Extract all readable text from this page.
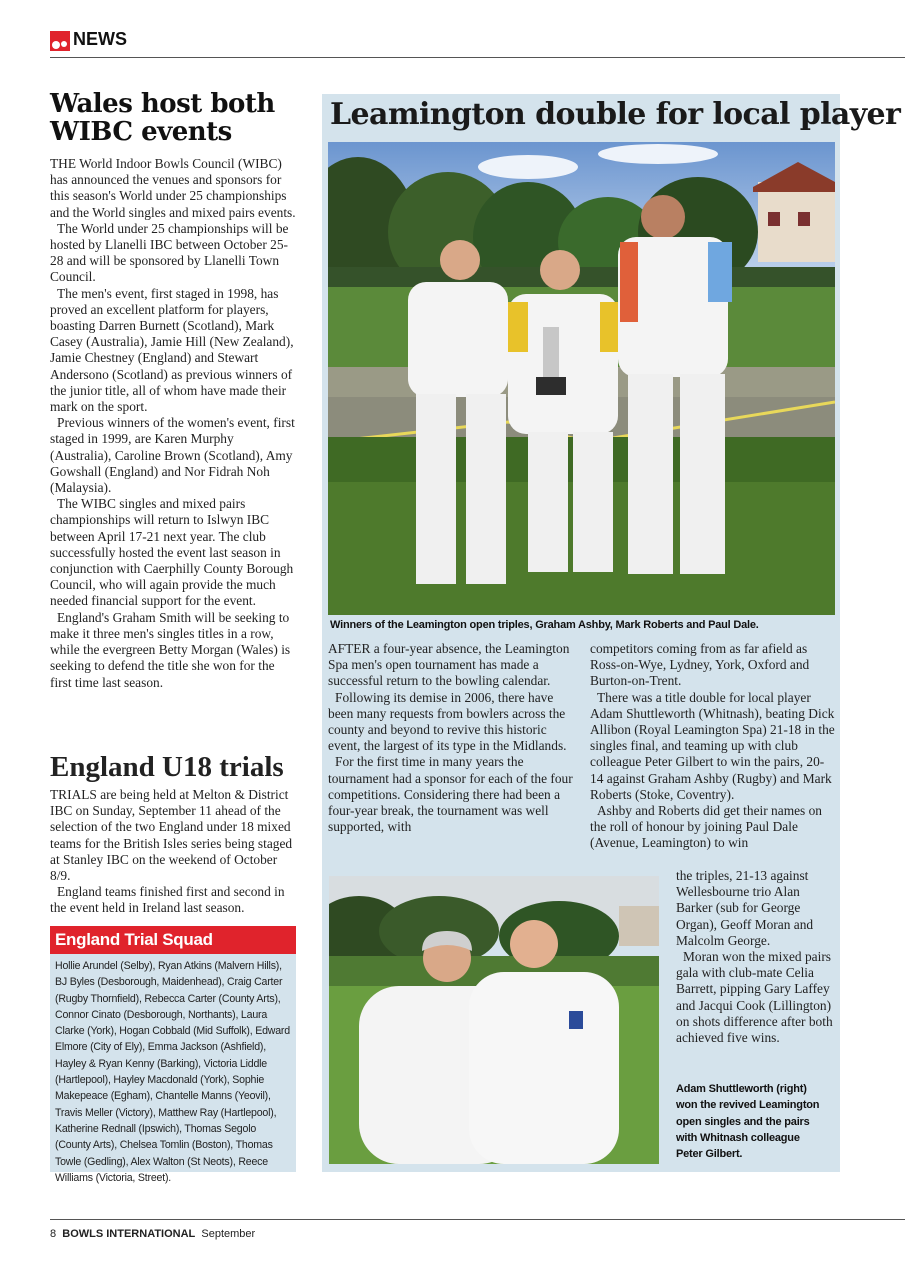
NEWS
Wales host both WIBC events

THE World Indoor Bowls Council (WIBC) has announced the venues and sponsors for this season's World under 25 championships and the World singles and mixed pairs events.

The World under 25 championships will be hosted by Llanelli IBC between October 25-28 and will be sponsored by Llanelli Town Council.

The men's event, first staged in 1998, has proved an excellent platform for players, boasting Darren Burnett (Scotland), Mark Casey (Australia), Jamie Hill (New Zealand), Jamie Chestney (England) and Stewart Andersono (Scotland) as previous winners of the junior title, all of whom have made their mark on the sport.

Previous winners of the women's event, first staged in 1999, are Karen Murphy (Australia), Caroline Brown (Scotland), Amy Gowshall (England) and Nor Fidrah Noh (Malaysia).

The WIBC singles and mixed pairs championships will return to Islwyn IBC between April 17-21 next year. The club successfully hosted the event last season in conjunction with Caerphilly County Borough Council, who will again provide the much needed financial support for the event.

England's Graham Smith will be seeking to make it three men's singles titles in a row, while the evergreen Betty Morgan (Wales) is seeking to defend the title she won for the first time last season.

England U18 trials

TRIALS are being held at Melton & District IBC on Sunday, September 11 ahead of the selection of the two England under 18 mixed teams for the British Isles series being staged at Stanley IBC on the weekend of October 8/9.

England teams finished first and second in the event held in Ireland last season.

England Trial Squad
Hollie Arundel (Selby), Ryan Atkins (Malvern Hills), BJ Byles (Desborough, Maidenhead), Craig Carter (Rugby Thornfield), Rebecca Carter (County Arts), Connor Cinato (Desborough, Northants), Laura Clarke (York), Hogan Cobbald (Mid Suffolk), Edward Elmore (City of Ely), Emma Jackson (Ashfield), Hayley & Ryan Kenny (Barking), Victoria Liddle (Hartlepool), Hayley Macdonald (York), Sophie Makepeace (Egham), Chantelle Manns (Yeovil), Travis Meller (Victory), Matthew Ray (Hartlepool), Katherine Rednall (Ipswich), Thomas Segolo (County Arts), Chelsea Tomlin (Boston), Thomas Towle (Gedling), Alex Walton (St Neots), Reece Williams (Victoria, Street).
Leamington double for local player
Winners of the Leamington open triples, Graham Ashby, Mark Roberts and Paul Dale.

AFTER a four-year absence, the Leamington Spa men's open tournament has made a successful return to the bowling calendar.

Following its demise in 2006, there have been many requests from bowlers across the county and beyond to revive this historic event, the largest of its type in the Midlands.

For the first time in many years the tournament had a sponsor for each of the four competitions. Considering there had been a four-year break, the tournament was well supported, with

competitors coming from as far afield as Ross-on-Wye, Lydney, York, Oxford and Burton-on-Trent.

There was a title double for local player Adam Shuttleworth (Whitnash), beating Dick Allibon (Royal Leamington Spa) 21-18 in the singles final, and teaming up with club colleague Peter Gilbert to win the pairs, 20-14 against Graham Ashby (Rugby) and Mark Roberts (Stoke, Coventry).

Ashby and Roberts did get their names on the roll of honour by joining Paul Dale (Avenue, Leamington) to win

the triples, 21-13 against Wellesbourne trio Alan Barker (sub for George Organ), Geoff Moran and Malcolm George.

Moran won the mixed pairs gala with club-mate Celia Barrett, pipping Gary Laffey and Jacqui Cook (Lillington) on shots difference after both achieved five wins.

Adam Shuttleworth (right) won the revived Leamington open singles and the pairs with Whitnash colleague Peter Gilbert.
8 BOWLS INTERNATIONAL September
